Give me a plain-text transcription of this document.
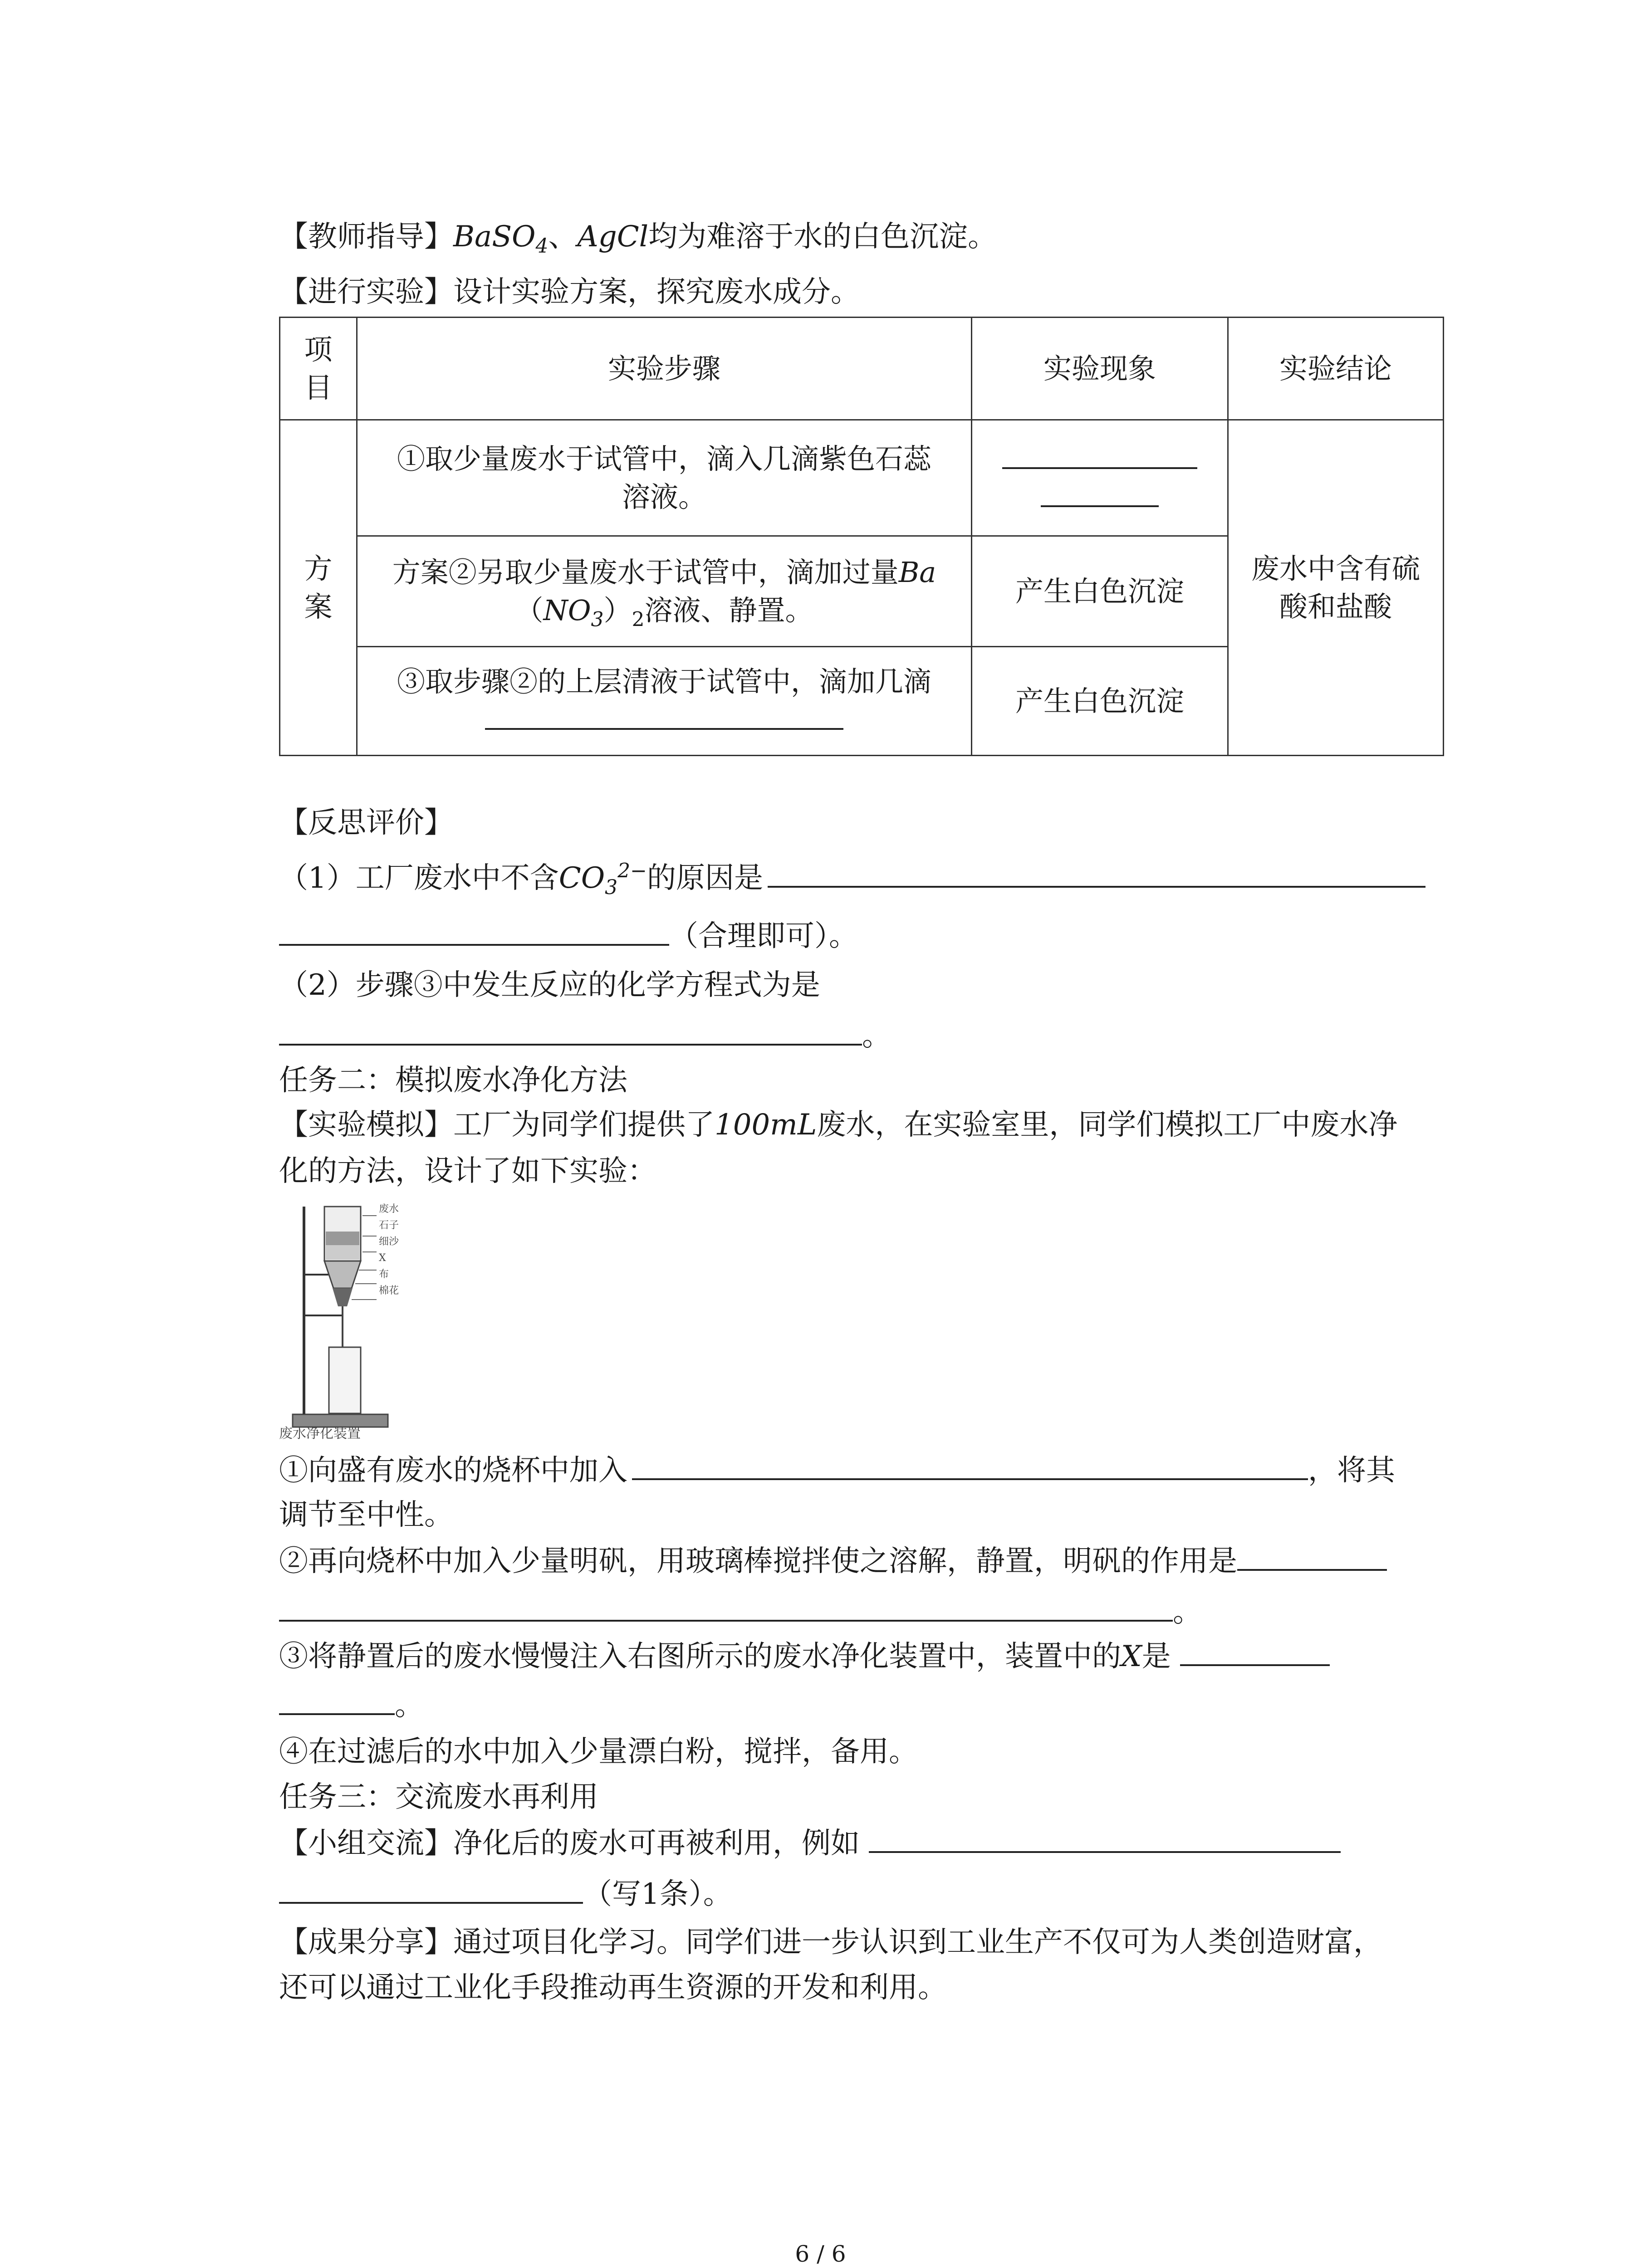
【教师指导】BaSO$_4$、AgCl均为难溶于水的白色沉淀。
【进行实验】设计实验方案，探究废水成分。
项
目	实验步骤	实验现象	实验结论
方
案	①取少量废水于试管中，滴入几滴紫色石蕊
溶液。		废水中含有硫
酸和盐酸
	方案②另取少量废水于试管中，滴加过量Ba
$(NO_3)_2$溶液、静置。	产生白色沉淀	
	③取步骤②的上层清液于试管中，滴加几滴	产生白色沉淀	
【反思评价】
（1）工厂废水中不含$CO_3^{2-}$的原因是
（合理即可）。
（2）步骤③中发生反应的化学方程式为是
。
任务二：模拟废水净化方法
【实验模拟】工厂为同学们提供了100mL废水，在实验室里，同学们模拟工厂中废水净
化的方法，设计了如下实验：
废水
石子
细沙
X
布
棉花
废水净化装置
①向盛有废水的烧杯中加入	，将其
调节至中性。
②再向烧杯中加入少量明矾，用玻璃棒搅拌使之溶解，静置，明矾的作用是
。
③将静置后的废水慢慢注入右图所示的废水净化装置中，装置中的X是
。
④在过滤后的水中加入少量漂白粉，搅拌，备用。
任务三：交流废水再利用
【小组交流】净化后的废水可再被利用，例如
（写1条）。
【成果分享】通过项目化学习。同学们进一步认识到工业生产不仅可为人类创造财富，
还可以通过工业化手段推动再生资源的开发和利用。
6 / 6
